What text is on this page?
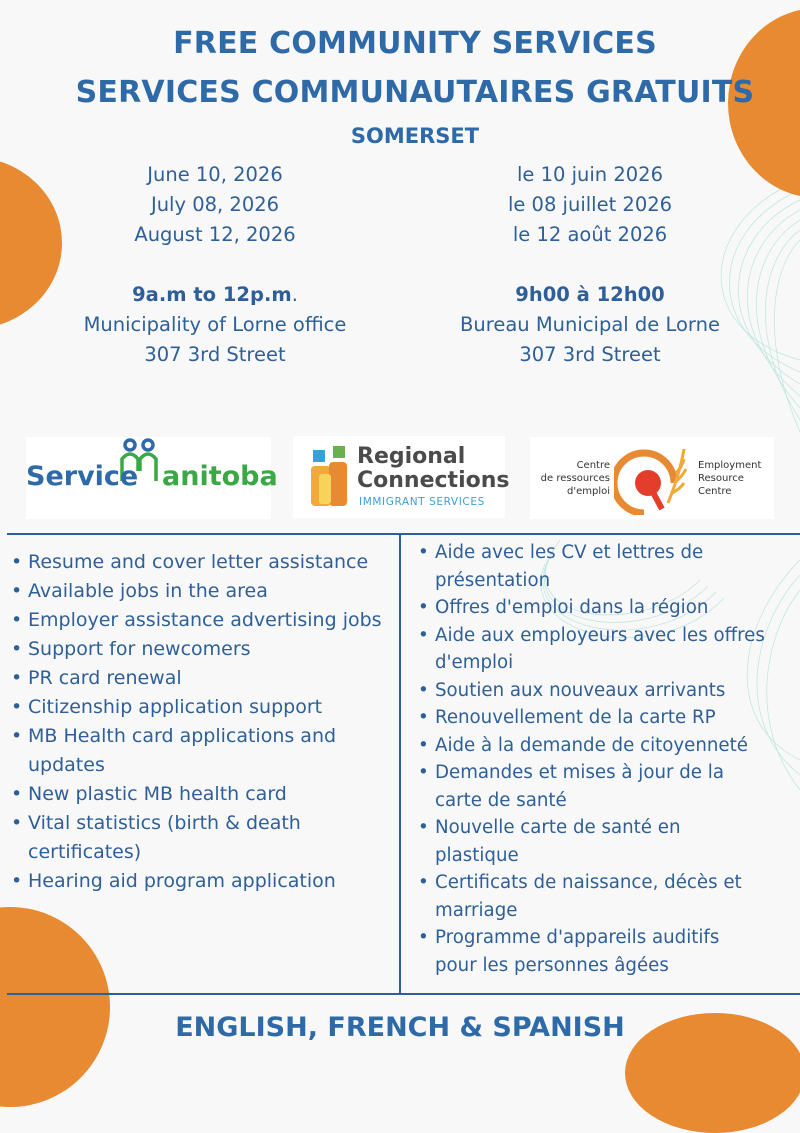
FREE COMMUNITY SERVICES
SERVICES COMMUNAUTAIRES GRATUITS
SOMERSET
June 10, 2026
July 08, 2026
August 12, 2026
9a.m to 12p.m.
Municipality of Lorne office
307 3rd Street
le 10 juin 2026
le 08 juillet 2026
le 12 août 2026
9h00 à 12h00
Bureau Municipal de Lorne
307 3rd Street
Service anitoba
Regional
Connections
IMMIGRANT SERVICES
Centre
de ressources
d'emploi
Employment
Resource
Centre
• Resume and cover letter assistance
• Available jobs in the area
• Employer assistance advertising jobs
• Support for newcomers
• PR card renewal
• Citizenship application support
• MB Health card applications and updates
• New plastic MB health card
• Vital statistics (birth & death certificates)
• Hearing aid program application
• Aide avec les CV et lettres de présentation
• Offres d'emploi dans la région
• Aide aux employeurs avec les offres d'emploi
• Soutien aux nouveaux arrivants
• Renouvellement de la carte RP
• Aide à la demande de citoyenneté
• Demandes et mises à jour de la carte de santé
• Nouvelle carte de santé en plastique
• Certificats de naissance, décès et marriage
• Programme d'appareils auditifs pour les personnes âgées
ENGLISH, FRENCH & SPANISH
